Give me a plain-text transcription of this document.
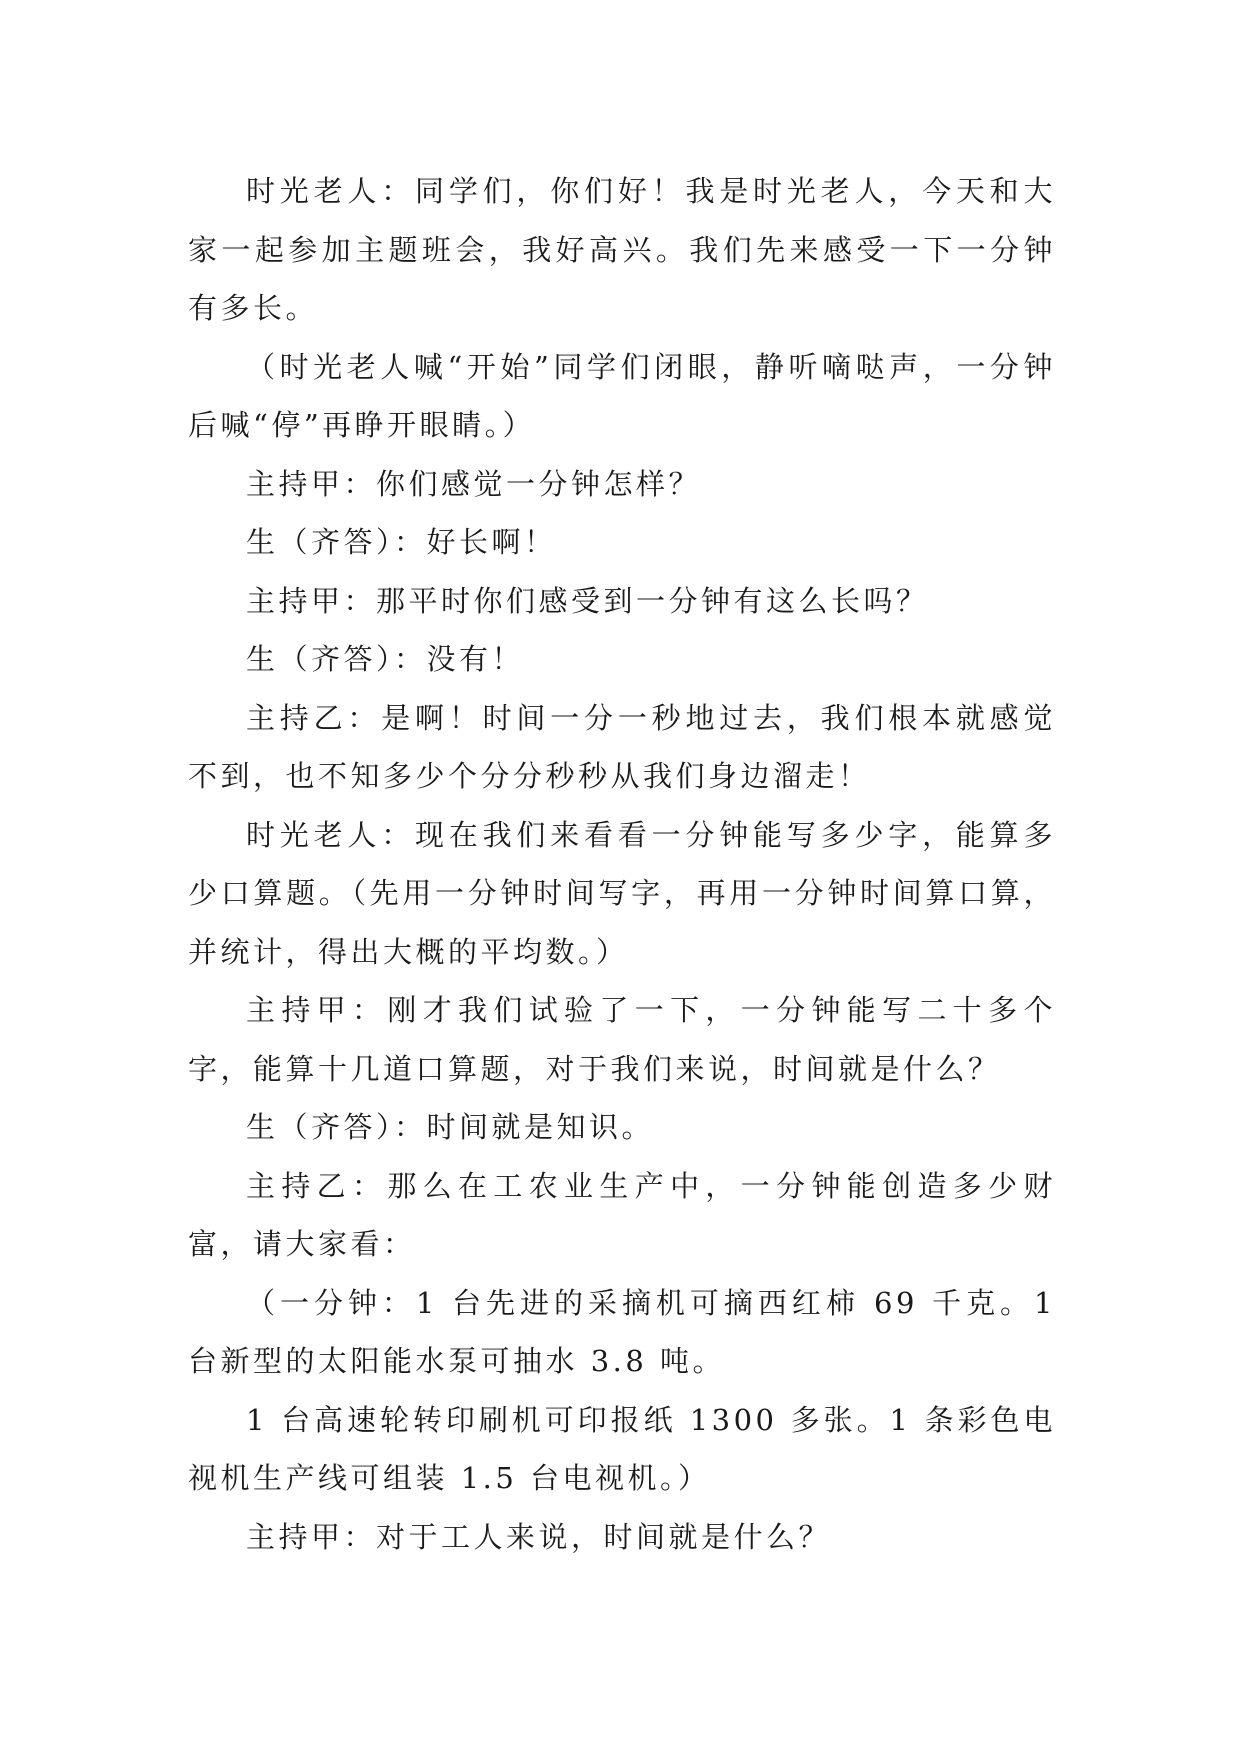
时光老人：同学们，你们好！我是时光老人，今天和大家一起参加主题班会，我好高兴。我们先来感受一下一分钟有多长。

（时光老人喊“开始”同学们闭眼，静听嘀哒声，一分钟后喊“停”再睁开眼睛。）

主持甲：你们感觉一分钟怎样？

生（齐答）：好长啊！

主持甲：那平时你们感受到一分钟有这么长吗？

生（齐答）：没有！

主持乙：是啊！时间一分一秒地过去，我们根本就感觉不到，也不知多少个分分秒秒从我们身边溜走！

时光老人：现在我们来看看一分钟能写多少字，能算多少口算题。（先用一分钟时间写字，再用一分钟时间算口算，并统计，得出大概的平均数。）

主持甲：刚才我们试验了一下，一分钟能写二十多个字，能算十几道口算题，对于我们来说，时间就是什么？

生（齐答）：时间就是知识。

主持乙：那么在工农业生产中，一分钟能创造多少财富，请大家看：

（一分钟：1 台先进的采摘机可摘西红柿 69 千克。1 台新型的太阳能水泵可抽水 3.8 吨。

1 台高速轮转印刷机可印报纸 1300 多张。1 条彩色电视机生产线可组装 1.5 台电视机。）

主持甲：对于工人来说，时间就是什么？
